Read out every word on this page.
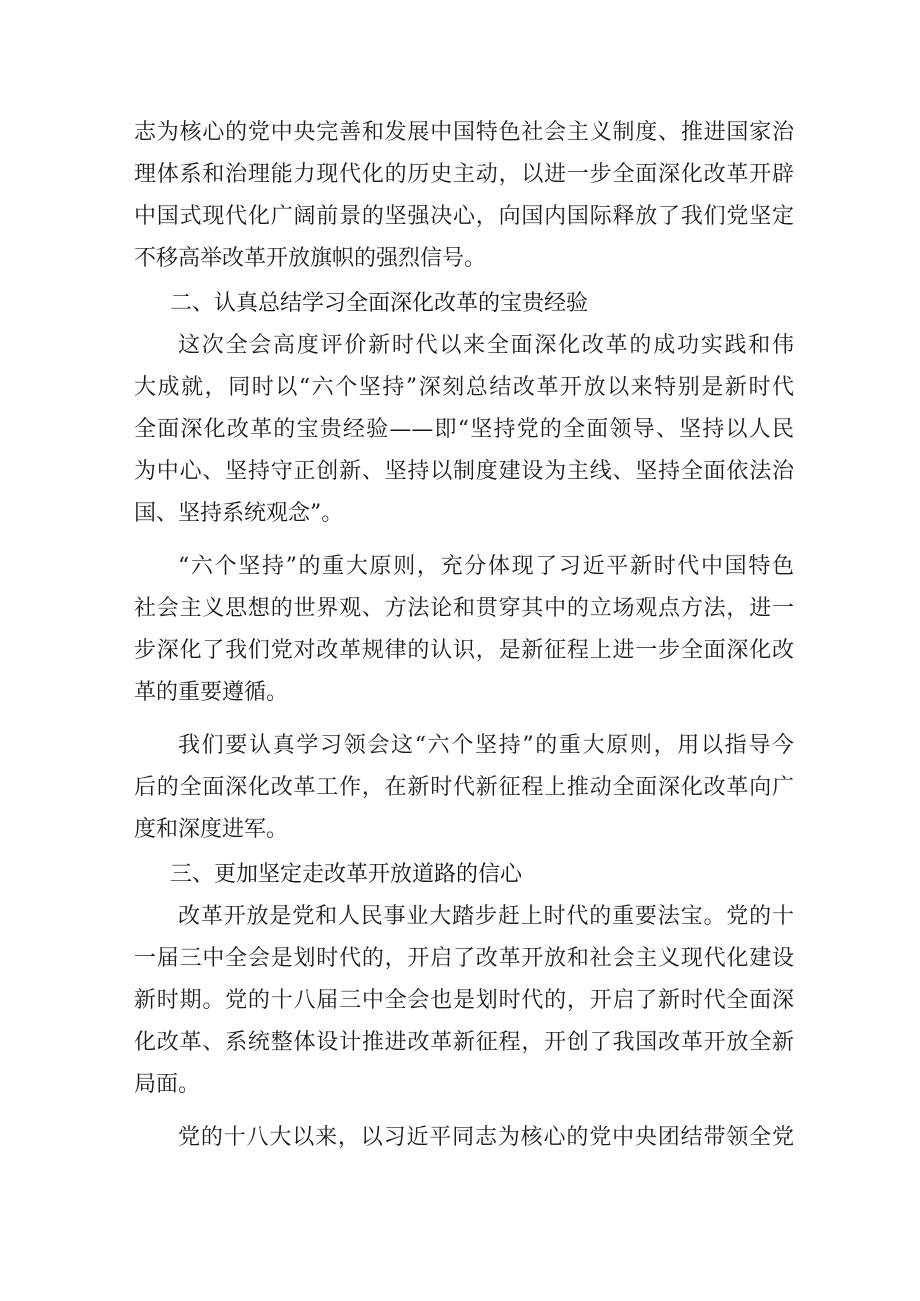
志为核心的党中央完善和发展中国特色社会主义制度、推进国家治
理体系和治理能力现代化的历史主动，以进一步全面深化改革开辟
中国式现代化广阔前景的坚强决心，向国内国际释放了我们党坚定
不移高举改革开放旗帜的强烈信号。
二、认真总结学习全面深化改革的宝贵经验
这次全会高度评价新时代以来全面深化改革的成功实践和伟
大成就，同时以“六个坚持”深刻总结改革开放以来特别是新时代
全面深化改革的宝贵经验——即“坚持党的全面领导、坚持以人民
为中心、坚持守正创新、坚持以制度建设为主线、坚持全面依法治
国、坚持系统观念”。
“六个坚持”的重大原则，充分体现了习近平新时代中国特色
社会主义思想的世界观、方法论和贯穿其中的立场观点方法，进一
步深化了我们党对改革规律的认识，是新征程上进一步全面深化改
革的重要遵循。
我们要认真学习领会这“六个坚持”的重大原则，用以指导今
后的全面深化改革工作，在新时代新征程上推动全面深化改革向广
度和深度进军。
三、更加坚定走改革开放道路的信心
改革开放是党和人民事业大踏步赶上时代的重要法宝。党的十
一届三中全会是划时代的，开启了改革开放和社会主义现代化建设
新时期。党的十八届三中全会也是划时代的，开启了新时代全面深
化改革、系统整体设计推进改革新征程，开创了我国改革开放全新
局面。
党的十八大以来，以习近平同志为核心的党中央团结带领全党
